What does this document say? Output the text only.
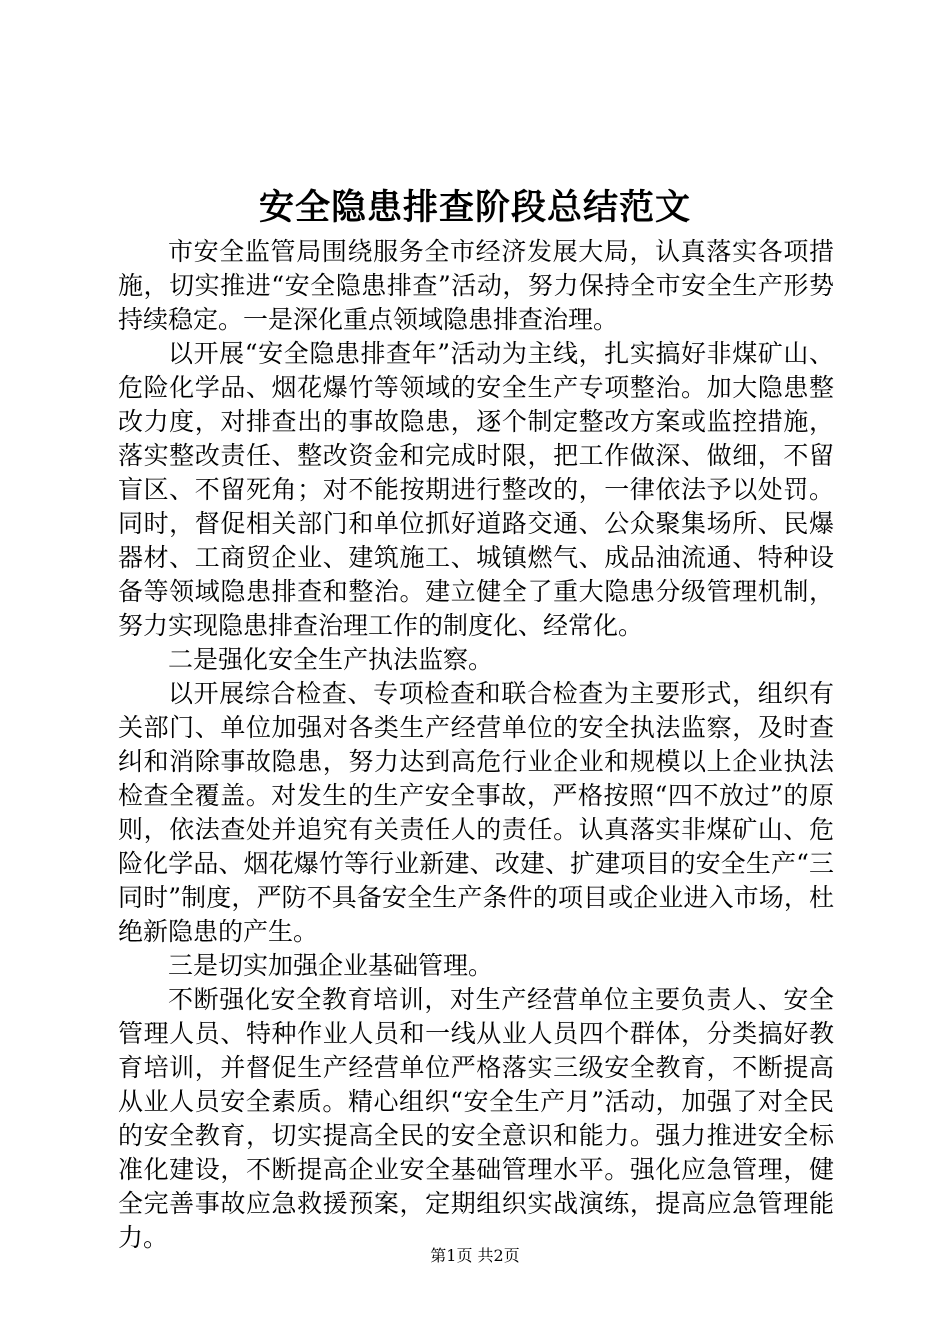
安全隐患排查阶段总结范文

市安全监管局围绕服务全市经济发展大局，认真落实各项措施，切实推进“安全隐患排查”活动，努力保持全市安全生产形势持续稳定。一是深化重点领域隐患排查治理。

以开展“安全隐患排查年”活动为主线，扎实搞好非煤矿山、危险化学品、烟花爆竹等领域的安全生产专项整治。加大隐患整改力度，对排查出的事故隐患，逐个制定整改方案或监控措施，落实整改责任、整改资金和完成时限，把工作做深、做细，不留盲区、不留死角；对不能按期进行整改的，一律依法予以处罚。同时，督促相关部门和单位抓好道路交通、公众聚集场所、民爆器材、工商贸企业、建筑施工、城镇燃气、成品油流通、特种设备等领域隐患排查和整治。建立健全了重大隐患分级管理机制，努力实现隐患排查治理工作的制度化、经常化。

二是强化安全生产执法监察。

以开展综合检查、专项检查和联合检查为主要形式，组织有关部门、单位加强对各类生产经营单位的安全执法监察，及时查纠和消除事故隐患，努力达到高危行业企业和规模以上企业执法检查全覆盖。对发生的生产安全事故，严格按照“四不放过”的原则，依法查处并追究有关责任人的责任。认真落实非煤矿山、危险化学品、烟花爆竹等行业新建、改建、扩建项目的安全生产“三同时”制度，严防不具备安全生产条件的项目或企业进入市场，杜绝新隐患的产生。

三是切实加强企业基础管理。

不断强化安全教育培训，对生产经营单位主要负责人、安全管理人员、特种作业人员和一线从业人员四个群体，分类搞好教育培训，并督促生产经营单位严格落实三级安全教育，不断提高从业人员安全素质。精心组织“安全生产月”活动，加强了对全民的安全教育，切实提高全民的安全意识和能力。强力推进安全标准化建设，不断提高企业安全基础管理水平。强化应急管理，健全完善事故应急救援预案，定期组织实战演练，提高应急管理能力。

第1页 共2页
